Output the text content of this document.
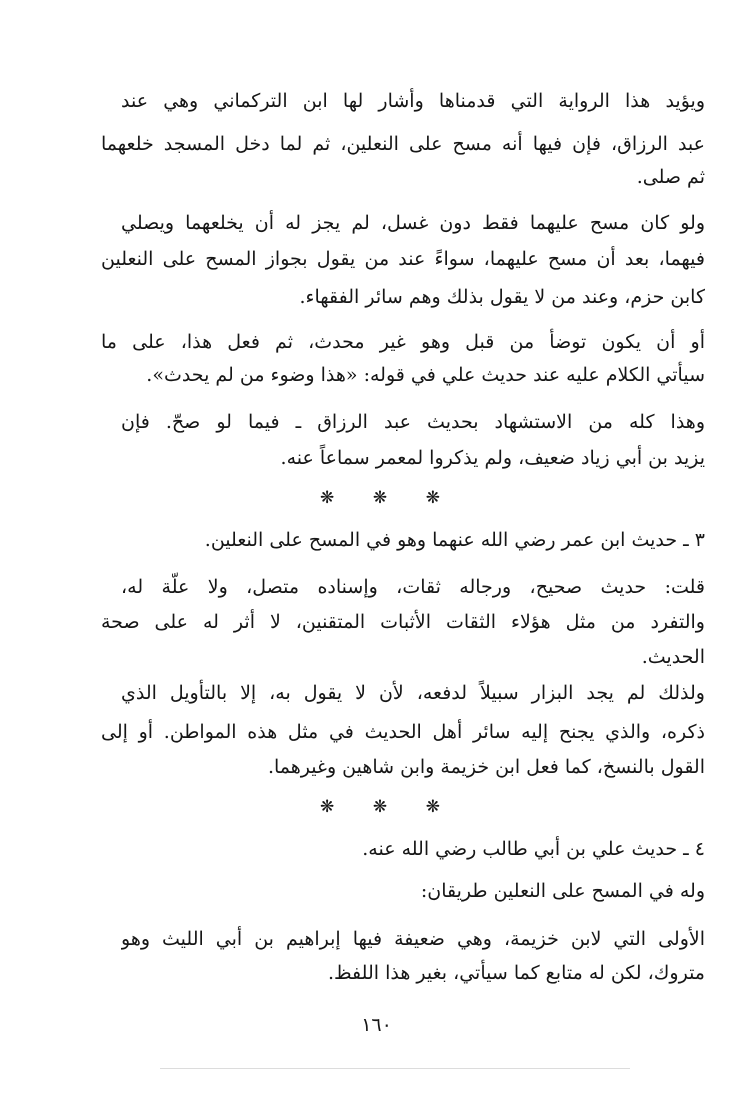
ويؤيد هذا الرواية التي قدمناها وأشار لها ابن التركماني وهي عند
عبد الرزاق، فإن فيها أنه مسح على النعلين، ثم لما دخل المسجد خلعهما
ثم صلى.
ولو كان مسح عليهما فقط دون غسل، لم يجز له أن يخلعهما ويصلي
فيهما، بعد أن مسح عليهما، سواءً عند من يقول بجواز المسح على النعلين
كابن حزم، وعند من لا يقول بذلك وهم سائر الفقهاء.
أو أن يكون توضأ من قبل وهو غير محدث، ثم فعل هذا، على ما
سيأتي الكلام عليه عند حديث علي في قوله: «هذا وضوء من لم يحدث».
وهذا كله من الاستشهاد بحديث عبد الرزاق ـ فيما لو صحّ. فإن
يزيد بن أبي زياد ضعيف، ولم يذكروا لمعمر سماعاً عنه.
٣ ـ حديث ابن عمر رضي الله عنهما وهو في المسح على النعلين.
قلت: حديث صحيح، ورجاله ثقات، وإسناده متصل، ولا علّة له،
والتفرد من مثل هؤلاء الثقات الأثبات المتقنين، لا أثر له على صحة
الحديث.
ولذلك لم يجد البزار سبيلاً لدفعه، لأن لا يقول به، إلا بالتأويل الذي
ذكره، والذي يجنح إليه سائر أهل الحديث في مثل هذه المواطن. أو إلى
القول بالنسخ، كما فعل ابن خزيمة وابن شاهين وغيرهما.
٤ ـ حديث علي بن أبي طالب رضي الله عنه.
وله في المسح على النعلين طريقان:
الأولى التي لابن خزيمة، وهي ضعيفة فيها إبراهيم بن أبي الليث وهو
متروك، لكن له متابع كما سيأتي، بغير هذا اللفظ.
❋ ❋ ❋
❋ ❋ ❋
١٦٠
